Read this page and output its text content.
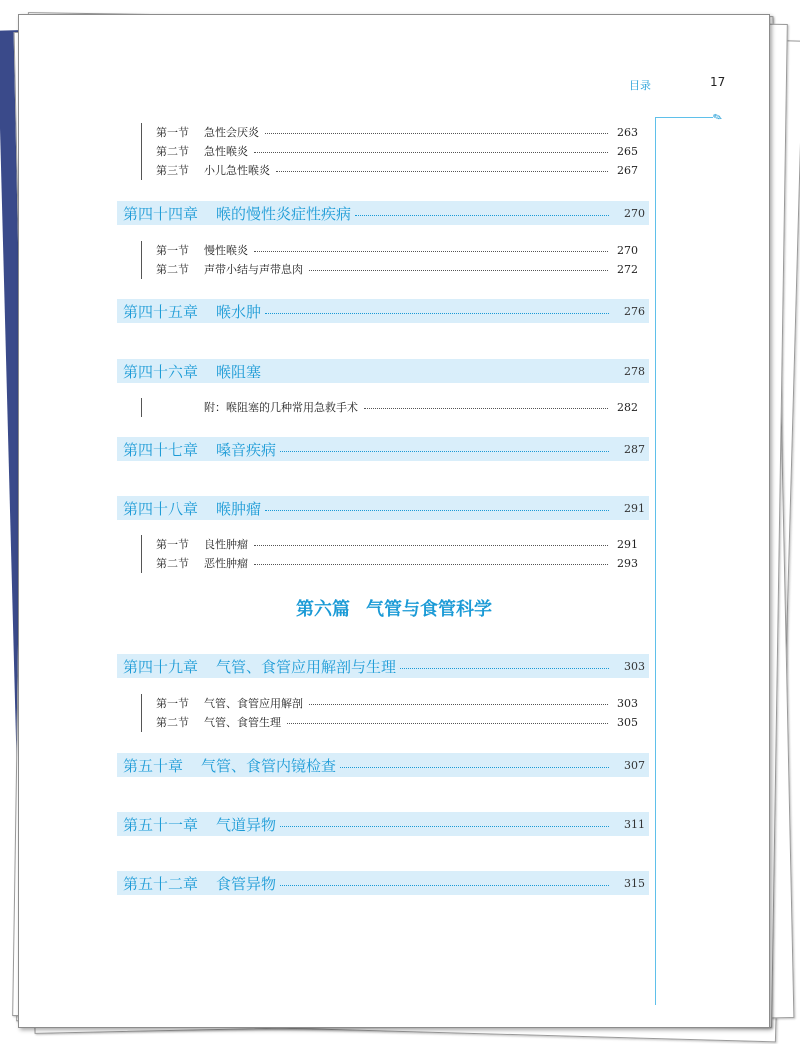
目录	17
✎
第一节	急性会厌炎	263
第二节	急性喉炎	265
第三节	小儿急性喉炎	267
第四十四章	喉的慢性炎症性疾病	270
第一节	慢性喉炎	270
第二节	声带小结与声带息肉	272
第四十五章	喉水肿	276
第四十六章	喉阻塞	278
附：喉阻塞的几种常用急救手术	282
第四十七章	嗓音疾病	287
第四十八章	喉肿瘤	291
第一节	良性肿瘤	291
第二节	恶性肿瘤	293
第六篇 气管与食管科学
第四十九章	气管、食管应用解剖与生理	303
第一节	气管、食管应用解剖	303
第二节	气管、食管生理	305
第五十章	气管、食管内镜检查	307
第五十一章	气道异物	311
第五十二章	食管异物	315
